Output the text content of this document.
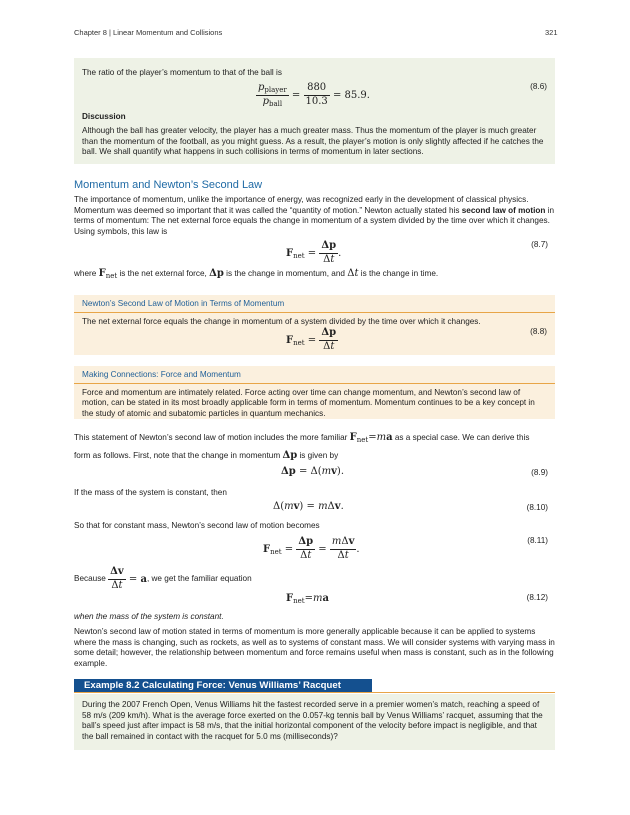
Chapter 8 | Linear Momentum and Collisions	321

The ratio of the player’s momentum to that of the ball is

$\frac{p_{player}}{p_{ball}} = \frac{880}{10.3} = 85.9$.
(8.6)

Discussion

Although the ball has greater velocity, the player has a much greater mass. Thus the momentum of the player is much greater than the momentum of the football, as you might guess. As a result, the player’s motion is only slightly affected if he catches the ball. We shall quantify what happens in such collisions in terms of momentum in later sections.

Momentum and Newton’s Second Law
The importance of momentum, unlike the importance of energy, was recognized early in the development of classical physics. Momentum was deemed so important that it was called the “quantity of motion.” Newton actually stated his second law of motion in terms of momentum: The net external force equals the change in momentum of a system divided by the time over which it changes. Using symbols, this law is
$F_{net} = \frac{\Delta p}{\Delta t}$ .
(8.7)
where $F_{net}$ is the net external force, Δp is the change in momentum, and Δt is the change in time.
Newton’s Second Law of Motion in Terms of Momentum
The net external force equals the change in momentum of a system divided by the time over which it changes.
$F_{net} = \frac{\Delta p}{\Delta t}$	(8.8)
Making Connections: Force and Momentum
Force and momentum are intimately related. Force acting over time can change momentum, and Newton’s second law of motion, can be stated in its most broadly applicable form in terms of momentum. Momentum continues to be a key concept in the study of atomic and subatomic particles in quantum mechanics.
This statement of Newton’s second law of motion includes the more familiar $F_{net}=ma$ as a special case. We can derive this
form as follows. First, note that the change in momentum Δp is given by
Δp = Δ(mv).	(8.9)
If the mass of the system is constant, then
Δ(mv) = mΔv.	(8.10)
So that for constant mass, Newton’s second law of motion becomes
$F_{net} = \frac{\Delta p}{\Delta t} = \frac{\text{mΔv}}{\Delta t}$ .
(8.11)
Because $\frac{\Delta v}{\Delta t} = a$, we get the familiar equation
$F_{net}=ma$	(8.12)
when the mass of the system is constant.
Newton’s second law of motion stated in terms of momentum is more generally applicable because it can be applied to systems where the mass is changing, such as rockets, as well as to systems of constant mass. We will consider systems with varying mass in some detail; however, the relationship between momentum and force remains useful when mass is constant, such as in the following example.
Example 8.2 Calculating Force: Venus Williams’ Racquet

During the 2007 French Open, Venus Williams hit the fastest recorded serve in a premier women’s match, reaching a speed of 58 m/s (209 km/h). What is the average force exerted on the 0.057-kg tennis ball by Venus Williams’ racquet, assuming that the ball’s speed just after impact is 58 m/s, that the initial horizontal component of the velocity before impact is negligible, and that the ball remained in contact with the racquet for 5.0 ms (milliseconds)?
